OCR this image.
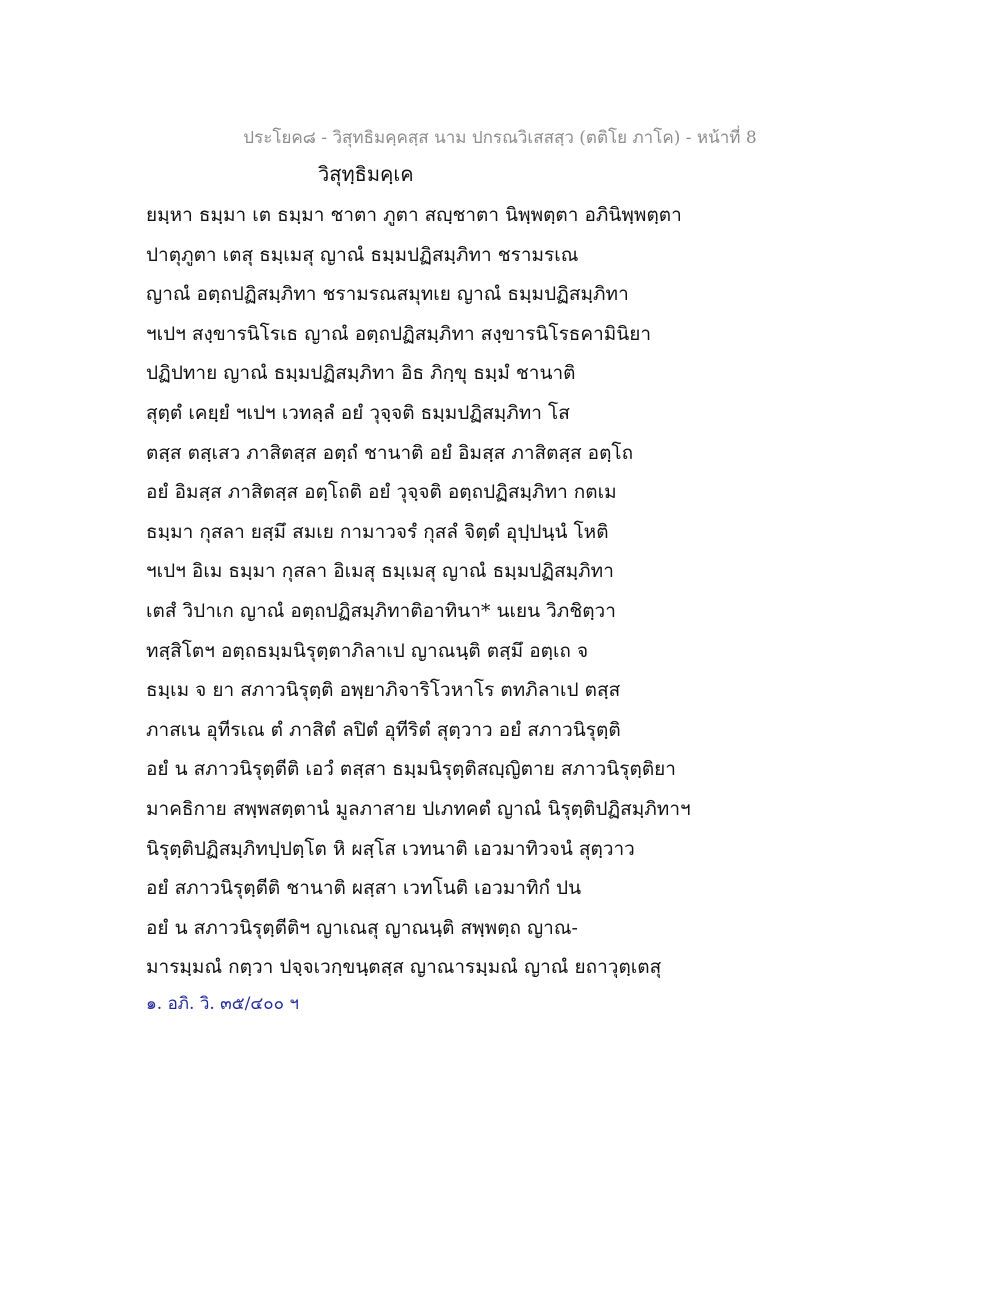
ประโยค๘ - วิสุทธิมคฺคสฺส นาม ปกรณวิเสสสฺว (ตติโย ภาโค) - หน้าที่ 8
วิสุทฺธิมคฺเค
ยมฺหา ธมฺมา เต ธมฺมา ชาตา ภูตา สญฺชาตา นิพฺพตฺตา อภินิพฺพตฺตา
ปาตุภูตา เตสุ ธมฺเมสุ ญาณํ ธมฺมปฏิสมฺภิทา ชรามรเณ
ญาณํ อตฺถปฏิสมฺภิทา ชรามรณสมุทเย ญาณํ ธมฺมปฏิสมฺภิทา
ฯเปฯ สงฺขารนิโรเธ ญาณํ อตฺถปฏิสมฺภิทา สงฺขารนิโรธคามินิยา
ปฏิปทาย ญาณํ ธมฺมปฏิสมฺภิทา อิธ ภิกฺขุ ธมฺมํ ชานาติ
สุตฺตํ เคยฺยํ ฯเปฯ เวทลฺลํ อยํ วุจฺจติ ธมฺมปฏิสมฺภิทา โส
ตสฺส ตสฺเสว ภาสิตสฺส อตฺถํ ชานาติ อยํ อิมสฺส ภาสิตสฺส อตฺโถ
อยํ อิมสฺส ภาสิตสฺส อตฺโถติ อยํ วุจฺจติ อตฺถปฏิสมฺภิทา กตเม
ธมฺมา กุสลา ยสฺมึ สมเย กามาวจรํ กุสลํ จิตฺตํ อุปฺปนฺนํ โหติ
ฯเปฯ อิเม ธมฺมา กุสลา อิเมสุ ธมฺเมสุ ญาณํ ธมฺมปฏิสมฺภิทา
เตสํ วิปาเก ญาณํ อตฺถปฏิสมฺภิทาติอาทินา* นเยน วิภชิตฺวา
ทสฺสิโตฯ อตฺถธมฺมนิรุตฺตาภิลาเป ญาณนฺติ ตสฺมึ อตฺเถ จ
ธมฺเม จ ยา สภาวนิรุตฺติ อพฺยาภิจาริโวหาโร ตทภิลาเป ตสฺส
ภาสเน อุทีรเณ ตํ ภาสิตํ ลปิตํ อุทีริตํ สุตฺวาว อยํ สภาวนิรุตฺติ
อยํ น สภาวนิรุตฺตีติ เอวํ ตสฺสา ธมฺมนิรุตฺติสญฺญิตาย สภาวนิรุตฺติยา
มาคธิกาย สพฺพสตฺตานํ มูลภาสาย ปเภทคตํ ญาณํ นิรุตฺติปฏิสมฺภิทาฯ
นิรุตฺติปฏิสมฺภิทปฺปตฺโต หิ ผสฺโส เวทนาติ เอวมาทิวจนํ สุตฺวาว
อยํ สภาวนิรุตฺตีติ ชานาติ ผสฺสา เวทโนติ เอวมาทิกํ ปน
อยํ น สภาวนิรุตฺตีติฯ ญาเณสุ ญาณนฺติ สพฺพตฺถ ญาณ-
มารมฺมณํ กตฺวา ปจฺจเวกฺขนฺตสฺส ญาณารมฺมณํ ญาณํ ยถาวุตฺเตสุ
๑. อภิ. วิ. ๓๕/๔๐๐ ฯ
